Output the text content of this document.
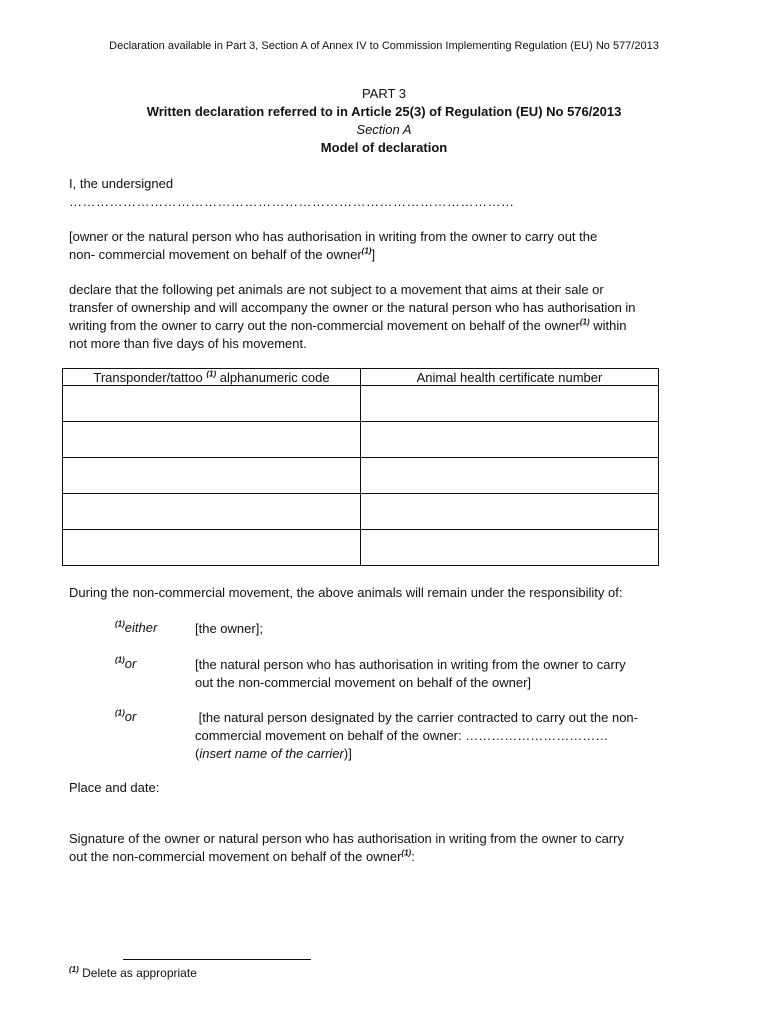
Declaration available in Part 3, Section A of Annex IV to Commission Implementing Regulation (EU) No 577/2013
PART 3
Written declaration referred to in Article 25(3) of Regulation (EU) No 576/2013
Section A
Model of declaration
I, the undersigned
………………………………………………………………………………………
[owner or the natural person who has authorisation in writing from the owner to carry out the
non- commercial movement on behalf of the owner$^{(1)}$]
declare that the following pet animals are not subject to a movement that aims at their sale or
transfer of ownership and will accompany the owner or the natural person who has authorisation in
writing from the owner to carry out the non-commercial movement on behalf of the owner$^{(1)}$ within
not more than five days of his movement.
Transponder/tattoo $^{(1)}$ alphanumeric code	Animal health certificate number

During the non-commercial movement, the above animals will remain under the responsibility of:
$^{(1)}$either	[the owner];
$^{(1)}$or	[the natural person who has authorisation in writing from the owner to carry
out the non-commercial movement on behalf of the owner]
$^{(1)}$or	[the natural person designated by the carrier contracted to carry out the non-
commercial movement on behalf of the owner: ……………………………
(insert name of the carrier)]
Place and date:
Signature of the owner or natural person who has authorisation in writing from the owner to carry
out the non-commercial movement on behalf of the owner$^{(1)}$:
$^{(1)}$ Delete as appropriate
